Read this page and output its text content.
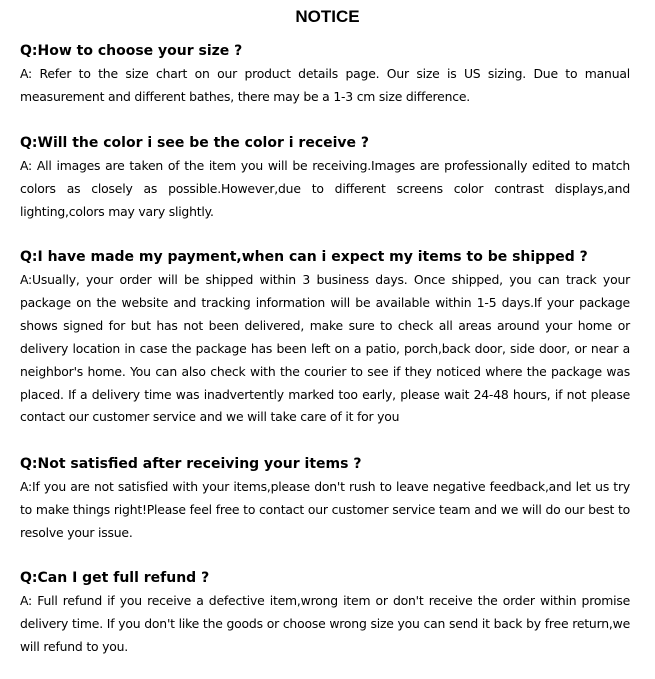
NOTICE

Q:How to choose your size ?

A: Refer to the size chart on our product details page. Our size is US sizing. Due to manual measurement and different bathes, there may be a 1-3 cm size difference.

Q:Will the color i see be the color i receive ?

A: All images are taken of the item you will be receiving.Images are professionally edited to match colors as closely as possible.However,due to different screens color contrast displays,and lighting,colors may vary slightly.

Q:I have made my payment,when can i expect my items to be shipped ?

A:Usually, your order will be shipped within 3 business days. Once shipped, you can track your package on the website and tracking information will be available within 1-5 days.If your package shows signed for but has not been delivered, make sure to check all areas around your home or delivery location in case the package has been left on a patio, porch,back door, side door, or near a neighbor's home. You can also check with the courier to see if they noticed where the package was placed. If a delivery time was inadvertently marked too early, please wait 24-48 hours, if not please contact our customer service and we will take care of it for you

Q:Not satisfied after receiving your items ?

A:If you are not satisfied with your items,please don't rush to leave negative feedback,and let us try to make things right!Please feel free to contact our customer service team and we will do our best to resolve your issue.

Q:Can I get full refund ?

A: Full refund if you receive a defective item,wrong item or don't receive the order within promise delivery time. If you don't like the goods or choose wrong size you can send it back by free return,we will refund to you.
